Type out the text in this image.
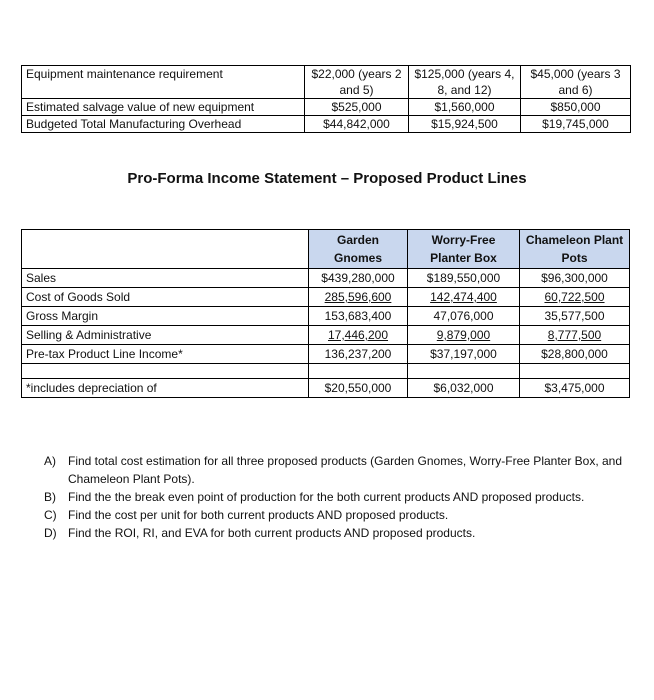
Equipment maintenance requirement	$22,000 (years 2 and 5)	$125,000 (years 4, 8, and 12)	$45,000 (years 3 and 6)
Estimated salvage value of new equipment	$525,000	$1,560,000	$850,000
Budgeted Total Manufacturing Overhead	$44,842,000	$15,924,500	$19,745,000
Pro-Forma Income Statement – Proposed Product Lines
	Garden Gnomes	Worry-Free Planter Box	Chameleon Plant Pots
Sales	$439,280,000	$189,550,000	$96,300,000
Cost of Goods Sold	285,596,600	142,474,400	60,722,500
Gross Margin	153,683,400	47,076,000	35,577,500
Selling & Administrative	17,446,200	9,879,000	8,777,500
Pre-tax Product Line Income*	136,237,200	$37,197,000	$28,800,000

*includes depreciation of	$20,550,000	$6,032,000	$3,475,000
A)	Find total cost estimation for all three proposed products (Garden Gnomes, Worry-Free Planter Box, and Chameleon Plant Pots).
B)	Find the the break even point of production for the both current products AND proposed products.
C) Find the cost per unit for both current products AND proposed products.
D) Find the ROI, RI, and EVA for both current products AND proposed products.
